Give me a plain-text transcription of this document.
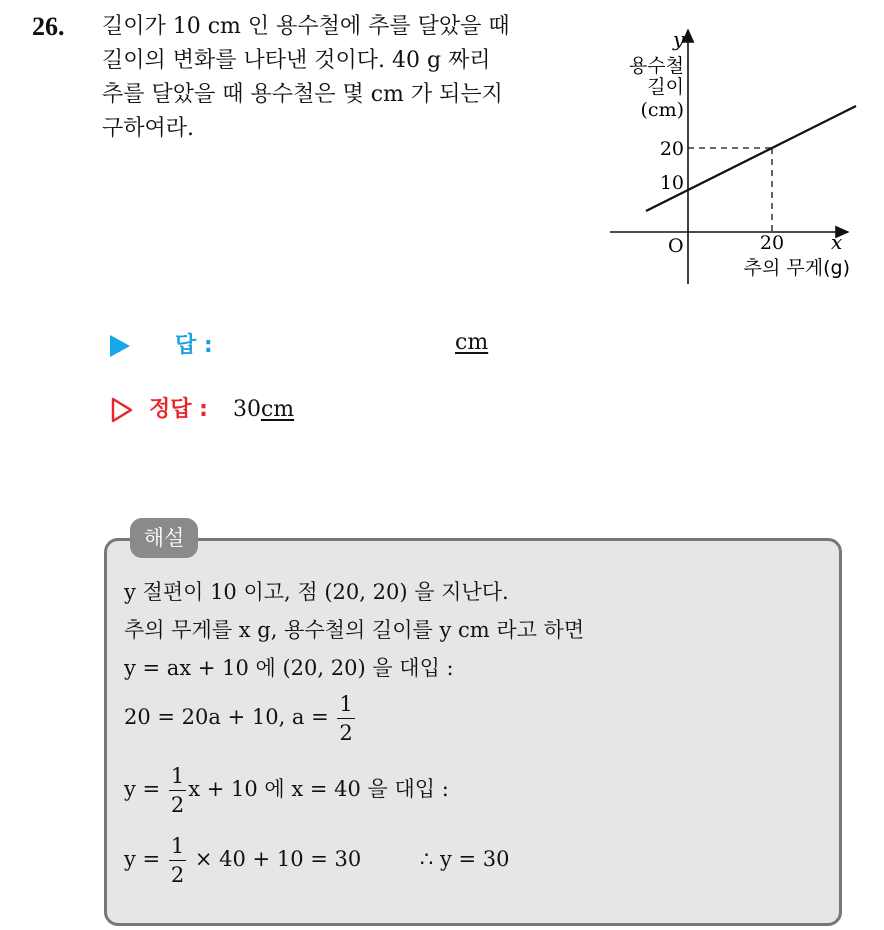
26. 길이가 10 cm 인 용수철에 추를 달았을 때
길이의 변화를 나타낸 것이다. 40 g 짜리
추를 달았을 때 용수철은 몇 cm 가 되는지
구하여라.
y
용수철
길이
(cm)
20
10
O	20 x
추의 무게(g)
답 :	cm
정답 : 30cm
해설
y 절편이 10 이고, 점 (20, 20) 을 지난다.
추의 무게를 x g, 용수철의 길이를 y cm 라고 하면
y = ax + 10 에 (20, 20) 을 대입 :
20 = 20a + 10, $a = \frac{1}{2}$
$y = \frac{1}{2}$ x + 10 에 x = 40 을 대입 :
$y = \frac{1}{2} \times 40 + 10 = 30$	∴ y = 30
